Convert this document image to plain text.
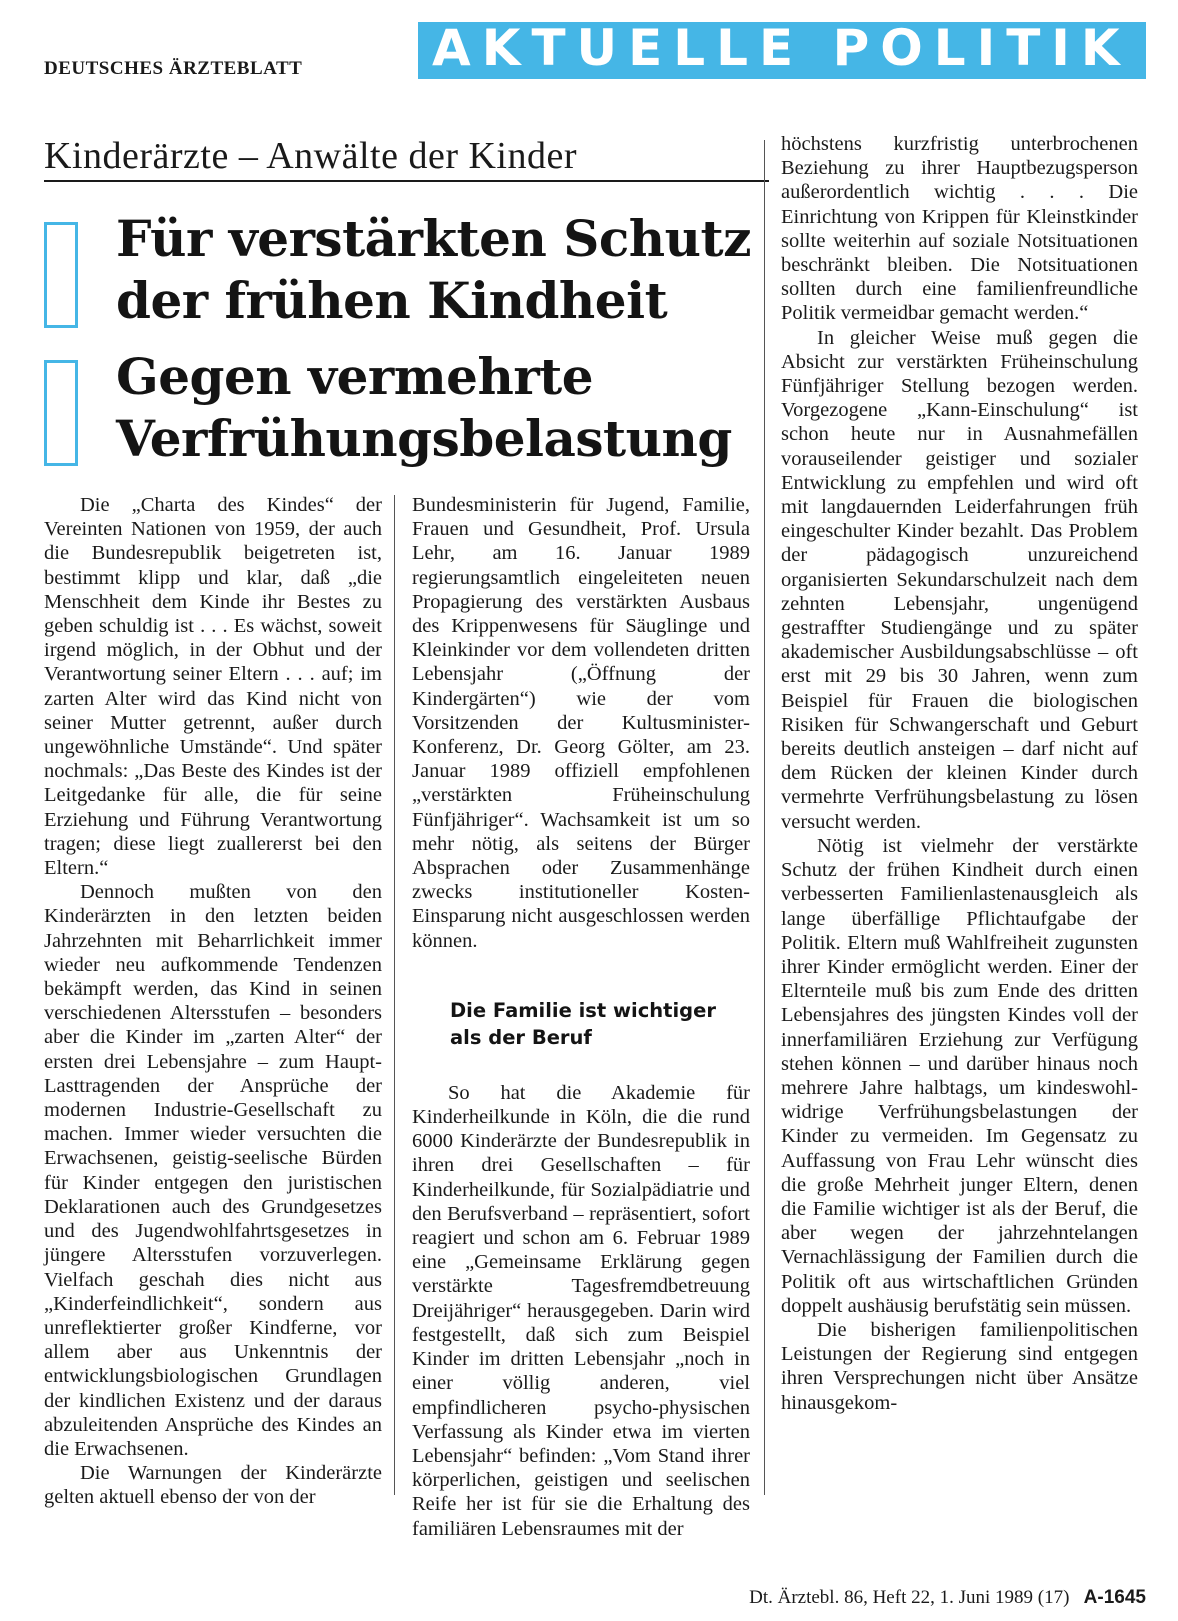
DEUTSCHES ÄRZTEBLATT	AKTUELLE POLITIK
Kinderärzte – Anwälte der Kinder
Für verstärkten Schutz der frühen Kindheit
Gegen vermehrte Verfrühungsbelastung

Die „Charta des Kindes“ der Vereinten Nationen von 1959, der auch die Bundesrepublik beigetreten ist, bestimmt klipp und klar, daß „die Menschheit dem Kinde ihr Bestes zu geben schuldig ist . . . Es wächst, soweit irgend möglich, in der Obhut und der Verantwortung seiner Eltern . . . auf; im zarten Alter wird das Kind nicht von seiner Mutter getrennt, außer durch ungewöhnliche Umstände“. Und später nochmals: „Das Beste des Kindes ist der Leitgedanke für alle, die für seine Erziehung und Führung Verantwortung tragen; diese liegt zuallererst bei den Eltern.“

Dennoch mußten von den Kinderärzten in den letzten beiden Jahrzehnten mit Beharrlichkeit immer wieder neu aufkommende Tendenzen bekämpft werden, das Kind in seinen verschiedenen Altersstufen – besonders aber die Kinder im „zarten Alter“ der ersten drei Lebensjahre – zum Haupt-Lasttragenden der Ansprüche der modernen Industrie-Gesellschaft zu machen. Immer wieder versuchten die Erwachsenen, geistig-seelische Bürden für Kinder entgegen den juristischen Deklarationen auch des Grundgesetzes und des Jugendwohlfahrtsgesetzes in jüngere Altersstufen vorzuverlegen. Vielfach geschah dies nicht aus „Kinderfeindlichkeit“, sondern aus unreflektierter großer Kindferne, vor allem aber aus Unkenntnis der entwicklungsbiologischen Grundlagen der kindlichen Existenz und der daraus abzuleitenden Ansprüche des Kindes an die Erwachsenen.

Die Warnungen der Kinderärzte gelten aktuell ebenso der von der

Bundesministerin für Jugend, Familie, Frauen und Gesundheit, Prof. Ursula Lehr, am 16. Januar 1989 regierungsamtlich eingeleiteten neuen Propagierung des verstärkten Ausbaus des Krippenwesens für Säuglinge und Kleinkinder vor dem vollendeten dritten Lebensjahr („Öffnung der Kindergärten“) wie der vom Vorsitzenden der Kultusminister-Konferenz, Dr. Georg Gölter, am 23. Januar 1989 offiziell empfohlenen „verstärkten Früheinschulung Fünfjähriger“. Wachsamkeit ist um so mehr nötig, als seitens der Bürger Absprachen oder Zusammenhänge zwecks institutioneller Kosten-Einsparung nicht ausgeschlossen werden können.

Die Familie ist wichtiger als der Beruf

So hat die Akademie für Kinderheilkunde in Köln, die die rund 6000 Kinderärzte der Bundesrepublik in ihren drei Gesellschaften – für Kinderheilkunde, für Sozialpädiatrie und den Berufsverband – repräsentiert, sofort reagiert und schon am 6. Februar 1989 eine „Gemeinsame Erklärung gegen verstärkte Tagesfremdbetreuung Dreijähriger“ herausgegeben. Darin wird festgestellt, daß sich zum Beispiel Kinder im dritten Lebensjahr „noch in einer völlig anderen, viel empfindlicheren psycho-physischen Verfassung als Kinder etwa im vierten Lebensjahr“ befinden: „Vom Stand ihrer körperlichen, geistigen und seelischen Reife her ist für sie die Erhaltung des familiären Lebensraumes mit der

höchstens kurzfristig unterbrochenen Beziehung zu ihrer Hauptbezugsperson außerordentlich wichtig . . . Die Einrichtung von Krippen für Kleinstkinder sollte weiterhin auf soziale Notsituationen beschränkt bleiben. Die Notsituationen sollten durch eine familienfreundliche Politik vermeidbar gemacht werden.“

In gleicher Weise muß gegen die Absicht zur verstärkten Früheinschulung Fünfjähriger Stellung bezogen werden. Vorgezogene „Kann-Einschulung“ ist schon heute nur in Ausnahmefällen vorauseilender geistiger und sozialer Entwicklung zu empfehlen und wird oft mit langdauernden Leiderfahrungen früh eingeschulter Kinder bezahlt. Das Problem der pädagogisch unzureichend organisierten Sekundarschulzeit nach dem zehnten Lebensjahr, ungenügend gestraffter Studiengänge und zu später akademischer Ausbildungsabschlüsse – oft erst mit 29 bis 30 Jahren, wenn zum Beispiel für Frauen die biologischen Risiken für Schwangerschaft und Geburt bereits deutlich ansteigen – darf nicht auf dem Rücken der kleinen Kinder durch vermehrte Verfrühungsbelastung zu lösen versucht werden.

Nötig ist vielmehr der verstärkte Schutz der frühen Kindheit durch einen verbesserten Familienlastenausgleich als lange überfällige Pflichtaufgabe der Politik. Eltern muß Wahlfreiheit zugunsten ihrer Kinder ermöglicht werden. Einer der Elternteile muß bis zum Ende des dritten Lebensjahres des jüngsten Kindes voll der innerfamiliären Erziehung zur Verfügung stehen können – und darüber hinaus noch mehrere Jahre halbtags, um kindeswohl-widrige Verfrühungsbelastungen der Kinder zu vermeiden. Im Gegensatz zu Auffassung von Frau Lehr wünscht dies die große Mehrheit junger Eltern, denen die Familie wichtiger ist als der Beruf, die aber wegen der jahrzehntelangen Vernachlässigung der Familien durch die Politik oft aus wirtschaftlichen Gründen doppelt aushäusig berufstätig sein müssen.

Die bisherigen familienpolitischen Leistungen der Regierung sind entgegen ihren Versprechungen nicht über Ansätze hinausgekom-

Dt. Ärztebl. 86, Heft 22, 1. Juni 1989 (17) A-1645
